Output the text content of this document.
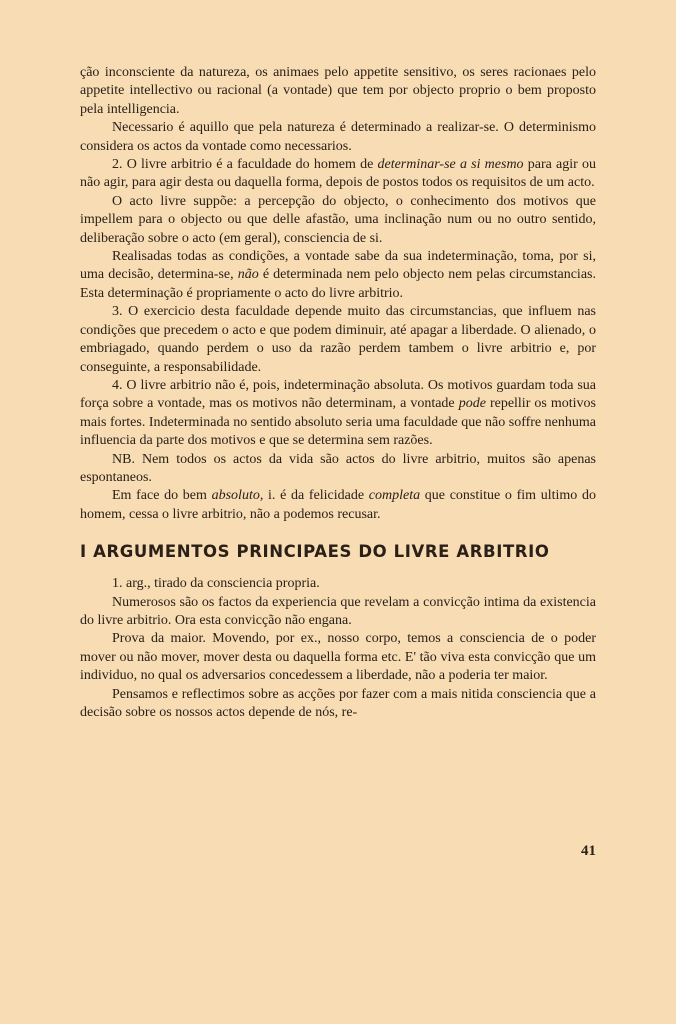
ção inconsciente da natureza, os animaes pelo appetite sensitivo, os seres racionaes pelo appetite intellectivo ou racional (a vontade) que tem por objecto proprio o bem proposto pela intelligencia.

Necessario é aquillo que pela natureza é determinado a realizar-se. O determinismo considera os actos da vontade como necessarios.

2. O livre arbitrio é a faculdade do homem de determinar-se a si mesmo para agir ou não agir, para agir desta ou daquella forma, depois de postos todos os requisitos de um acto.

O acto livre suppõe: a percepção do objecto, o conhecimento dos motivos que impellem para o objecto ou que delle afastão, uma inclinação num ou no outro sentido, deliberação sobre o acto (em geral), consciencia de si.

Realisadas todas as condições, a vontade sabe da sua indeterminação, toma, por si, uma decisão, determina-se, não é determinada nem pelo objecto nem pelas circumstancias. Esta determinação é propriamente o acto do livre arbitrio.

3. O exercicio desta faculdade depende muito das circumstancias, que influem nas condições que precedem o acto e que podem diminuir, até apagar a liberdade. O alienado, o embriagado, quando perdem o uso da razão perdem tambem o livre arbitrio e, por conseguinte, a responsabilidade.

4. O livre arbitrio não é, pois, indeterminação absoluta. Os motivos guardam toda sua força sobre a vontade, mas os motivos não determinam, a vontade pode repellir os motivos mais fortes. Indeterminada no sentido absoluto seria uma faculdade que não soffre nenhuma influencia da parte dos motivos e que se determina sem razões.

NB. Nem todos os actos da vida são actos do livre arbitrio, muitos são apenas espontaneos.

Em face do bem absoluto, i. é da felicidade completa que constitue o fim ultimo do homem, cessa o livre arbitrio, não a podemos recusar.

I ARGUMENTOS PRINCIPAES DO LIVRE ARBITRIO

1. arg., tirado da consciencia propria.

Numerosos são os factos da experiencia que revelam a convicção intima da existencia do livre arbitrio. Ora esta convicção não engana.

Prova da maior. Movendo, por ex., nosso corpo, temos a consciencia de o poder mover ou não mover, mover desta ou daquella forma etc. E' tão viva esta convicção que um individuo, no qual os adversarios concedessem a liberdade, não a poderia ter maior.

Pensamos e reflectimos sobre as acções por fazer com a mais nitida consciencia que a decisão sobre os nossos actos depende de nós, re-

41
